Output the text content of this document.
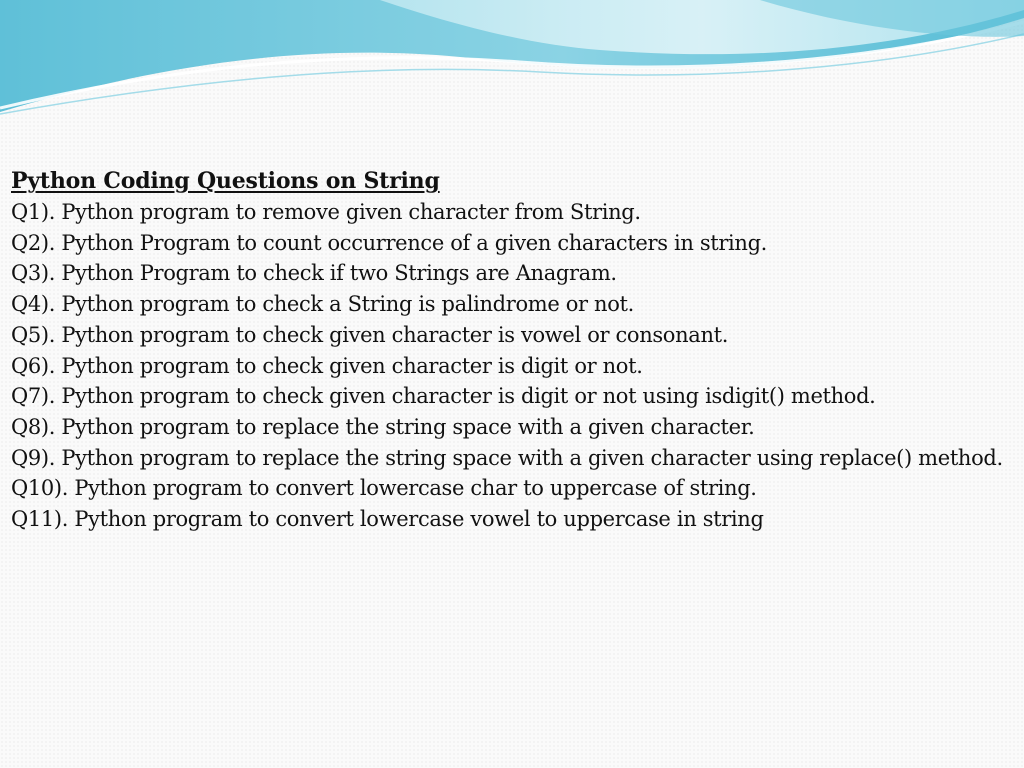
Python Coding Questions on String
Q1). Python program to remove given character from String.
Q2). Python Program to count occurrence of a given characters in string.
Q3). Python Program to check if two Strings are Anagram.
Q4). Python program to check a String is palindrome or not.
Q5). Python program to check given character is vowel or consonant.
Q6). Python program to check given character is digit or not.
Q7). Python program to check given character is digit or not using isdigit() method.
Q8). Python program to replace the string space with a given character.
Q9). Python program to replace the string space with a given character using replace() method.
Q10). Python program to convert lowercase char to uppercase of string.
Q11). Python program to convert lowercase vowel to uppercase in string
